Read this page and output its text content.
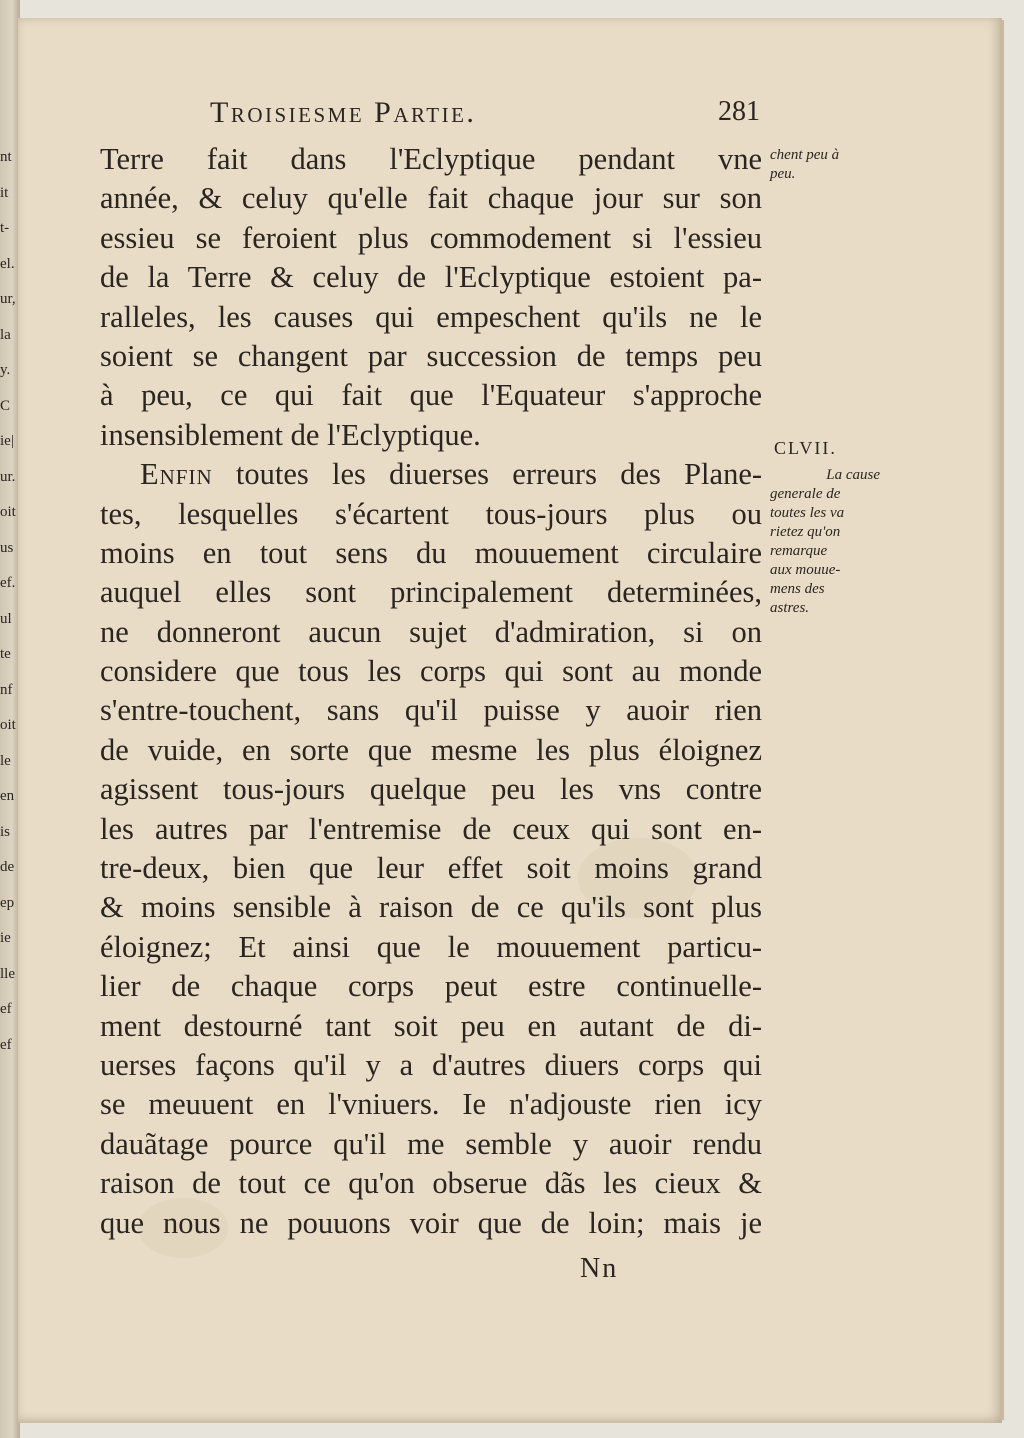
nt
it
t-
el.
ur,
la
y.
C
ie|
ur.
oit
us
ef.
ul
te
nf
oit
le
en
is
de
ep
ie
lle
ef
ef
Troisiesme Partie.	281
chent peu à
peu.
CLVII.
La cause
generale de
toutes les va
rietez qu'on
remarque
aux mouue-
mens des
astres.
Terre fait dans l'Eclyptique pendant vne
année, & celuy qu'elle fait chaque jour sur son
essieu se feroient plus commodement si l'essieu
de la Terre & celuy de l'Eclyptique estoient pa-
ralleles, les causes qui empeschent qu'ils ne le
soient se changent par succession de temps peu
à peu, ce qui fait que l'Equateur s'approche
insensiblement de l'Eclyptique.
Enfin toutes les diuerses erreurs des Plane-
tes, lesquelles s'écartent tous-jours plus ou
moins en tout sens du mouuement circulaire
auquel elles sont principalement determinées,
ne donneront aucun sujet d'admiration, si on
considere que tous les corps qui sont au monde
s'entre-touchent, sans qu'il puisse y auoir rien
de vuide, en sorte que mesme les plus éloignez
agissent tous-jours quelque peu les vns contre
les autres par l'entremise de ceux qui sont en-
tre-deux, bien que leur effet soit moins grand
& moins sensible à raison de ce qu'ils sont plus
éloignez; Et ainsi que le mouuement particu-
lier de chaque corps peut estre continuelle-
ment destourné tant soit peu en autant de di-
uerses façons qu'il y a d'autres diuers corps qui
se meuuent en l'vniuers. Ie n'adjouste rien icy
dauãtage pource qu'il me semble y auoir rendu
raison de tout ce qu'on obserue dãs les cieux &
que nous ne pouuons voir que de loin; mais je
Nn
